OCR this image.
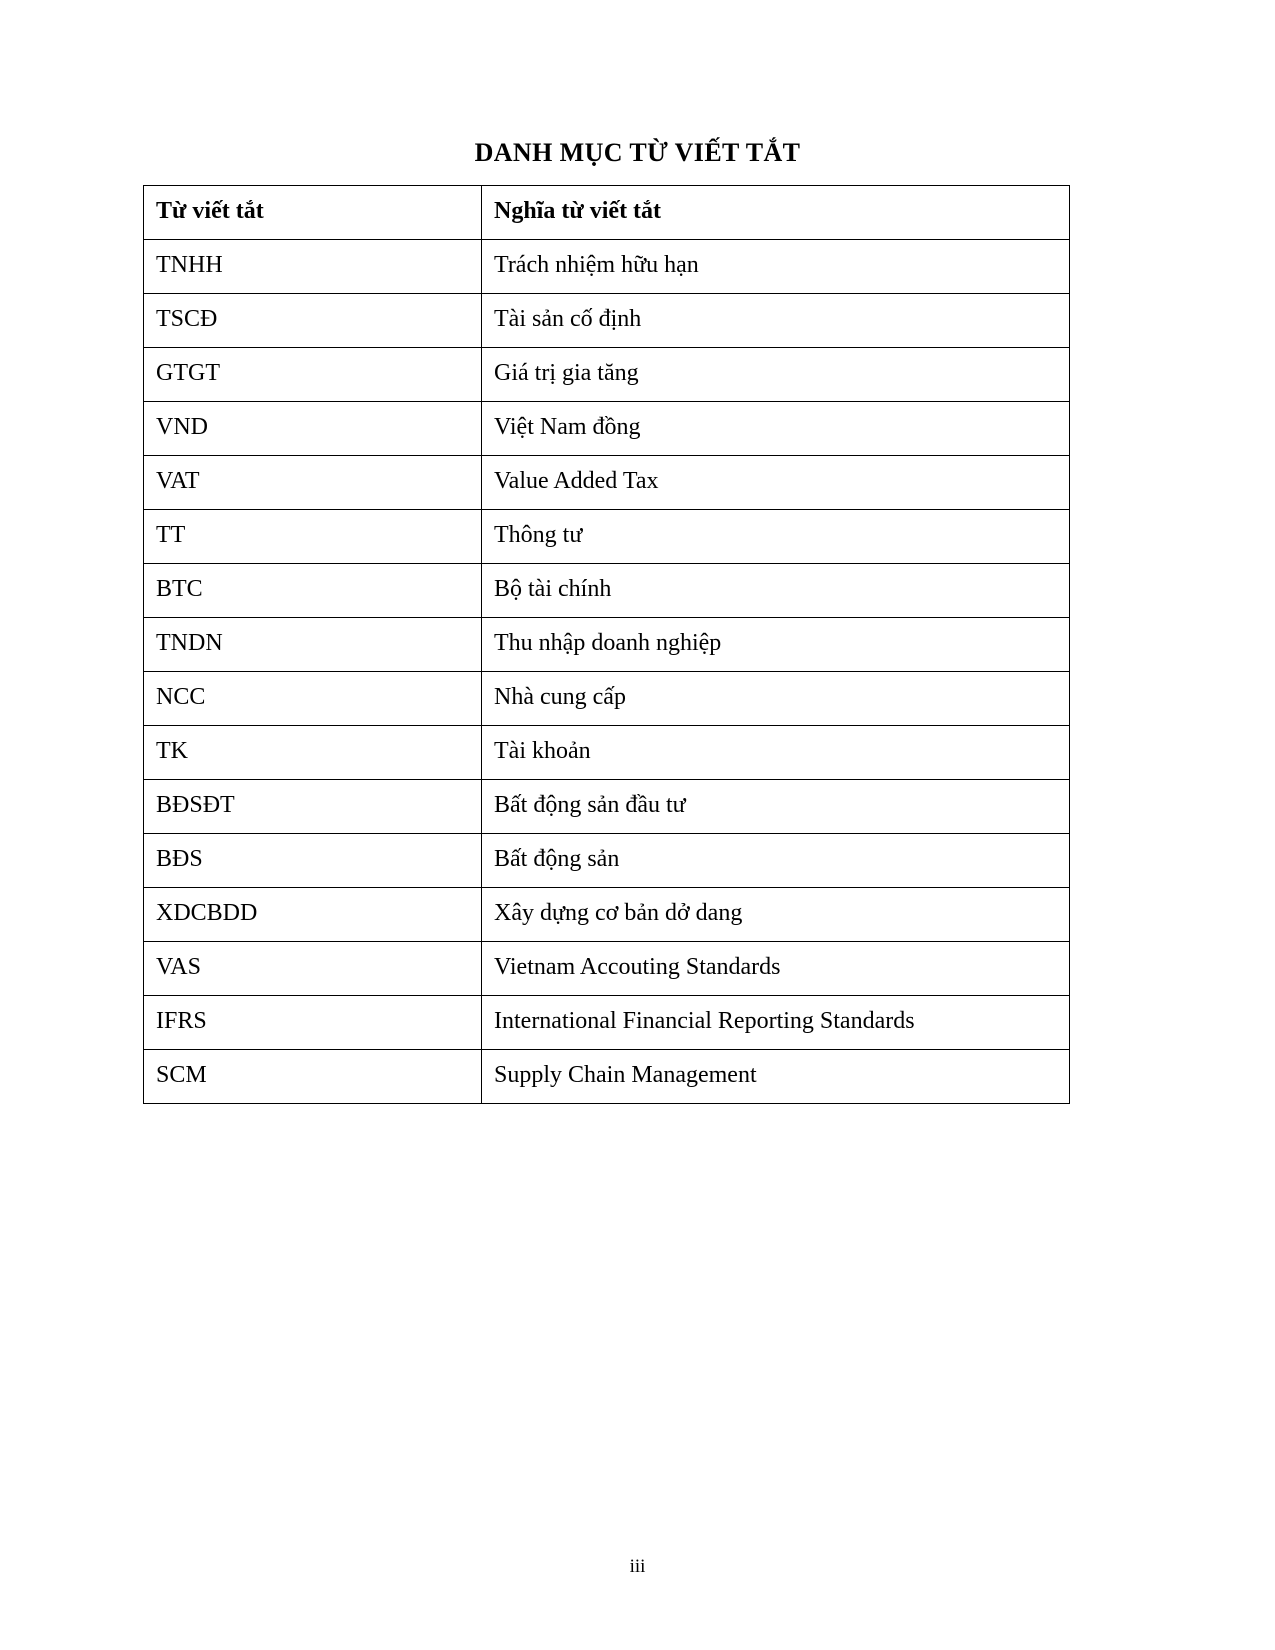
DANH MỤC TỪ VIẾT TẮT
Từ viết tắt	Nghĩa từ viết tắt
TNHH	Trách nhiệm hữu hạn
TSCĐ	Tài sản cố định
GTGT	Giá trị gia tăng
VND	Việt Nam đồng
VAT	Value Added Tax
TT	Thông tư
BTC	Bộ tài chính
TNDN	Thu nhập doanh nghiệp
NCC	Nhà cung cấp
TK	Tài khoản
BĐSĐT	Bất động sản đầu tư
BĐS	Bất động sản
XDCBDD	Xây dựng cơ bản dở dang
VAS	Vietnam Accouting Standards
IFRS	International Financial Reporting Standards
SCM	Supply Chain Management
iii
